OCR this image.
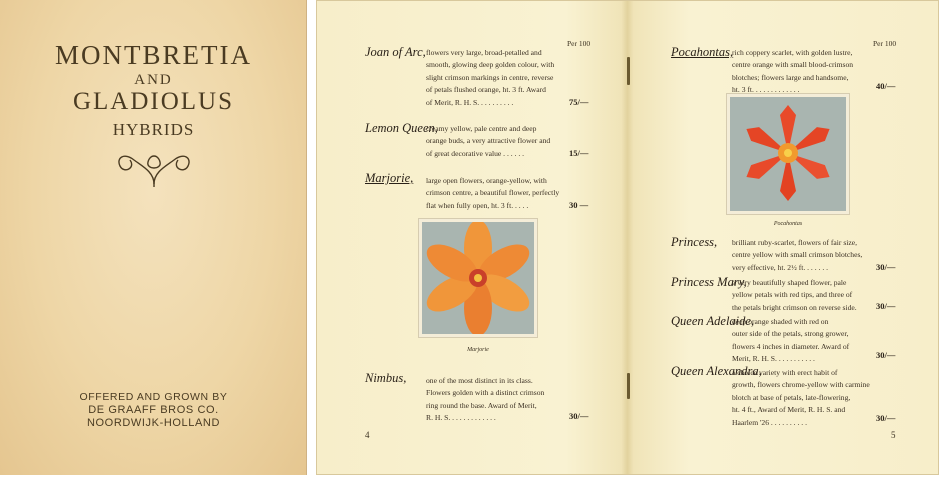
MONTBRETIA
AND
GLADIOLUS
HYBRIDS
OFFERED AND GROWN BY
DE GRAAFF BROS CO.
NOORDWIJK-HOLLAND
Per 100
Joan of Arc, flowers very large, broad-petalled and
smooth, glowing deep golden colour, with
slight crimson markings in centre, reverse
of petals flushed orange, ht. 3 ft. Award
of Merit, R. H. S. . . . . . . . . .	75/—
Lemon Queen,
creamy yellow, pale centre and deep
orange buds, a very attractive flower and
of great decorative value . . . . . .	15/—
Marjorie, large open flowers, orange-yellow, with
crimson centre, a beautiful flower, perfectly
flat when fully open, ht. 3 ft. . . . .	30 —
Marjorie
Nimbus,	one of the most distinct in its class.
Flowers golden with a distinct crimson
ring round the base. Award of Merit,
R. H. S. . . . . . . . . . . . .	30/—
4
Per 100
Pocahontas,
rich coppery scarlet, with golden lustre,
centre orange with small blood-crimson
blotches; flowers large and handsome,
ht. 3 ft. . . . . . . . . . . . .	40/—
Pocahontas
Princess, brilliant ruby-scarlet, flowers of fair size,
centre yellow with small crimson blotches,
very effective, ht. 2½ ft. . . . . . .	30/—
Princess Mary,
a very beautifully shaped flower, pale
yellow petals with red tips, and three of
the petals bright crimson on reverse side. 30/—
Queen Adelaide,
deep orange shaded with red on
outer side of the petals, strong grower,
flowers 4 inches in diameter. Award of
Merit, R. H. S. . . . . . . . . . .	30/—
Queen Alexandra,
a choice variety with erect habit of
growth, flowers chrome-yellow with carmine
blotch at base of petals, late-flowering,
ht. 4 ft., Award of Merit, R. H. S. and
Haarlem '26 . . . . . . . . . .	30/—
5
